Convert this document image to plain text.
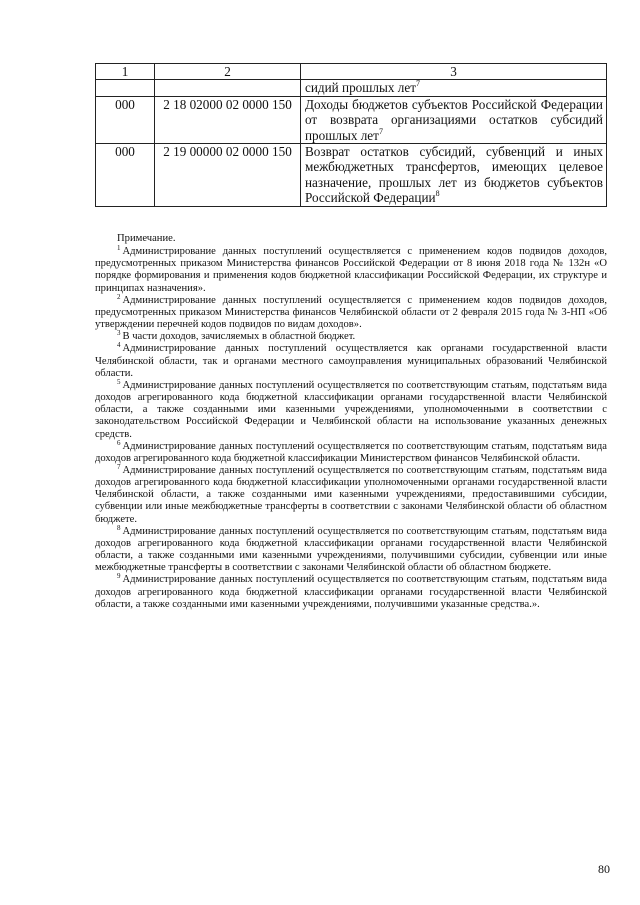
1	2	3
		сидий прошлых лет$^7$
000	2 18 02000 02 0000 150	Доходы бюджетов субъектов Российской Федерации от возврата организациями остатков субсидий прошлых лет$^7$
000	2 19 00000 02 0000 150	Возврат остатков субсидий, субвенций и иных межбюджетных трансфертов, имеющих целевое назначение, прошлых лет из бюджетов субъектов Российской Федерации$^8$
Примечание.

$^1$ Администрирование данных поступлений осуществляется с применением кодов подвидов доходов, предусмотренных приказом Министерства финансов Российской Федерации от 8 июня 2018 года № 132н «О порядке формирования и применения кодов бюджетной классификации Российской Федерации, их структуре и принципах назначения».

$^2$ Администрирование данных поступлений осуществляется с применением кодов подвидов доходов, предусмотренных приказом Министерства финансов Челябинской области от 2 февраля 2015 года № 3-НП «Об утверждении перечней кодов подвидов по видам доходов».

$^3$ В части доходов, зачисляемых в областной бюджет.

$^4$ Администрирование данных поступлений осуществляется как органами государственной власти Челябинской области, так и органами местного самоуправления муниципальных образований Челябинской области.

$^5$ Администрирование данных поступлений осуществляется по соответствующим статьям, подстатьям вида доходов агрегированного кода бюджетной классификации органами государственной власти Челябинской области, а также созданными ими казенными учреждениями, уполномоченными в соответствии с законодательством Российской Федерации и Челябинской области на использование указанных денежных средств.

$^6$ Администрирование данных поступлений осуществляется по соответствующим статьям, подстатьям вида доходов агрегированного кода бюджетной классификации Министерством финансов Челябинской области.

$^7$ Администрирование данных поступлений осуществляется по соответствующим статьям, подстатьям вида доходов агрегированного кода бюджетной классификации уполномоченными органами государственной власти Челябинской области, а также созданными ими казенными учреждениями, предоставившими субсидии, субвенции или иные межбюджетные трансферты в соответствии с законами Челябинской области об областном бюджете.

$^8$ Администрирование данных поступлений осуществляется по соответствующим статьям, подстатьям вида доходов агрегированного кода бюджетной классификации органами государственной власти Челябинской области, а также созданными ими казенными учреждениями, получившими субсидии, субвенции или иные межбюджетные трансферты в соответствии с законами Челябинской области об областном бюджете.

$^9$ Администрирование данных поступлений осуществляется по соответствующим статьям, подстатьям вида доходов агрегированного кода бюджетной классификации органами государственной власти Челябинской области, а также созданными ими казенными учреждениями, получившими указанные средства.».

80
